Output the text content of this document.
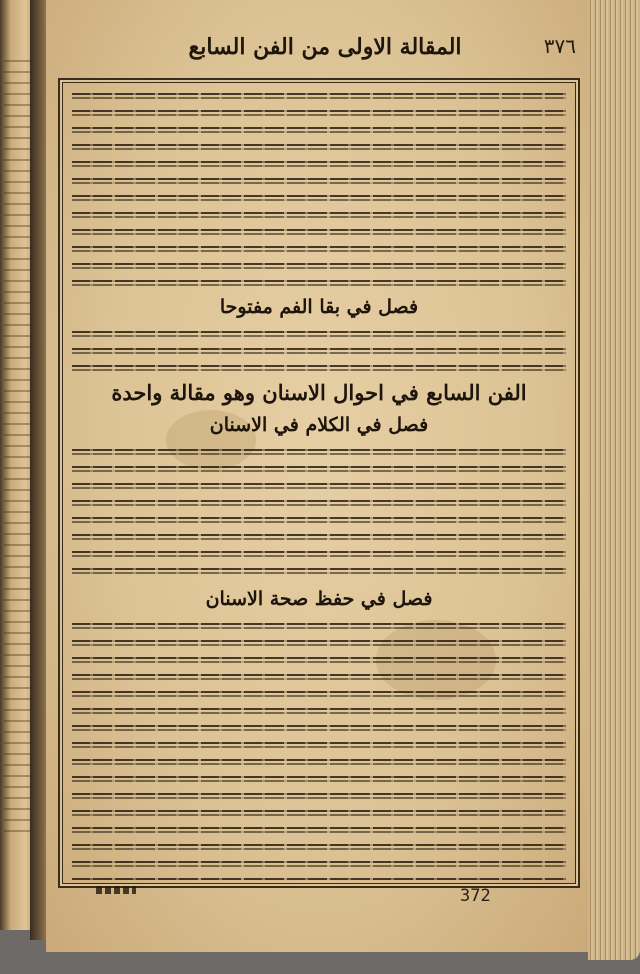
المقالة الاولى من الفن السابع	٣٧٦
فصل في بقا الفم مفتوحا
الفن السابع في احوال الاسنان وهو مقالة واحدة
فصل في الكلام في الاسنان
فصل في حفظ صحة الاسنان
372
